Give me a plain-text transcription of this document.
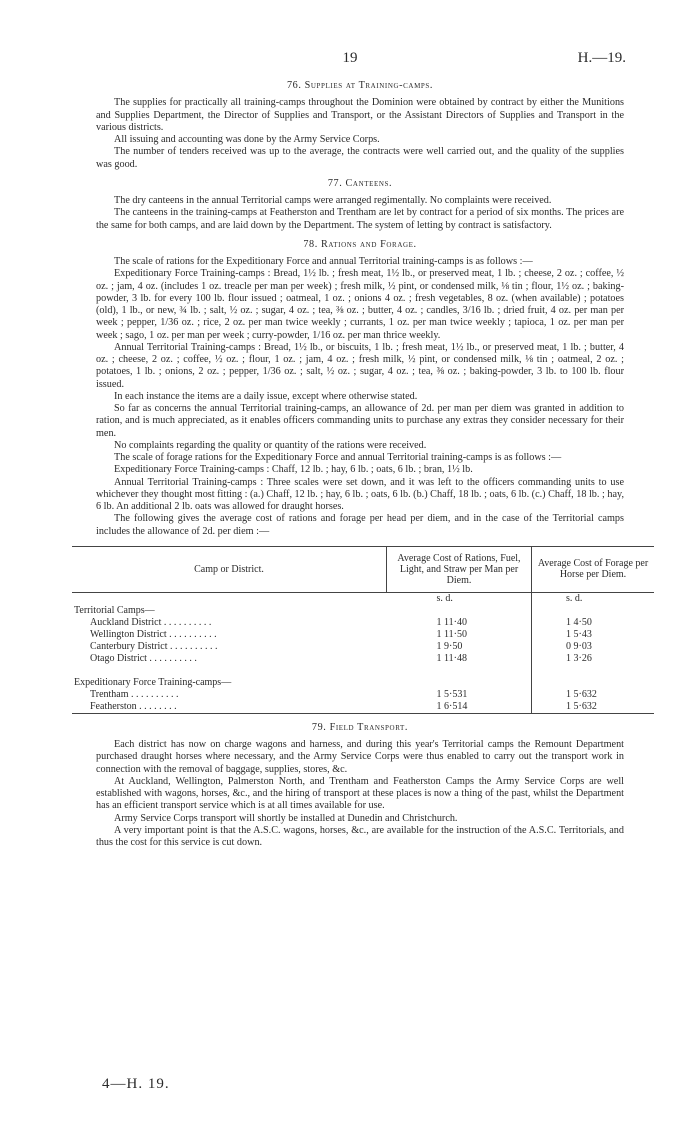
19	H.—19.
76. Supplies at Training-camps.

The supplies for practically all training-camps throughout the Dominion were obtained by contract by either the Munitions and Supplies Department, the Director of Supplies and Transport, or the Assistant Directors of Supplies and Transport in the various districts.

All issuing and accounting was done by the Army Service Corps.

The number of tenders received was up to the average, the contracts were well carried out, and the quality of the supplies was good.

77. Canteens.

The dry canteens in the annual Territorial camps were arranged regimentally. No complaints were received.

The canteens in the training-camps at Featherston and Trentham are let by contract for a period of six months. The prices are the same for both camps, and are laid down by the Department. The system of letting by contract is satisfactory.

78. Rations and Forage.

The scale of rations for the Expeditionary Force and annual Territorial training-camps is as follows :—

Expeditionary Force Training-camps : Bread, 1½ lb. ; fresh meat, 1½ lb., or preserved meat, 1 lb. ; cheese, 2 oz. ; coffee, ½ oz. ; jam, 4 oz. (includes 1 oz. treacle per man per week) ; fresh milk, ½ pint, or condensed milk, ⅛ tin ; flour, 1½ oz. ; baking-powder, 3 lb. for every 100 lb. flour issued ; oatmeal, 1 oz. ; onions 4 oz. ; fresh vegetables, 8 oz. (when available) ; potatoes (old), 1 lb., or new, ¾ lb. ; salt, ½ oz. ; sugar, 4 oz. ; tea, ⅜ oz. ; butter, 4 oz. ; candles, 3/16 lb. ; dried fruit, 4 oz. per man per week ; pepper, 1/36 oz. ; rice, 2 oz. per man twice weekly ; currants, 1 oz. per man twice weekly ; tapioca, 1 oz. per man per week ; sago, 1 oz. per man per week ; curry-powder, 1/16 oz. per man thrice weekly.

Annual Territorial Training-camps : Bread, 1½ lb., or biscuits, 1 lb. ; fresh meat, 1½ lb., or preserved meat, 1 lb. ; butter, 4 oz. ; cheese, 2 oz. ; coffee, ½ oz. ; flour, 1 oz. ; jam, 4 oz. ; fresh milk, ½ pint, or condensed milk, ⅛ tin ; oatmeal, 2 oz. ; potatoes, 1 lb. ; onions, 2 oz. ; pepper, 1/36 oz. ; salt, ½ oz. ; sugar, 4 oz. ; tea, ⅜ oz. ; baking-powder, 3 lb. to 100 lb. flour issued.

In each instance the items are a daily issue, except where otherwise stated.

So far as concerns the annual Territorial training-camps, an allowance of 2d. per man per diem was granted in addition to ration, and is much appreciated, as it enables officers commanding units to purchase any extras they consider necessary for their men.

No complaints regarding the quality or quantity of the rations were received.

The scale of forage rations for the Expeditionary Force and annual Territorial training-camps is as follows :—

Expeditionary Force Training-camps : Chaff, 12 lb. ; hay, 6 lb. ; oats, 6 lb. ; bran, 1½ lb.

Annual Territorial Training-camps : Three scales were set down, and it was left to the officers commanding units to use whichever they thought most fitting : (a.) Chaff, 12 lb. ; hay, 6 lb. ; oats, 6 lb. (b.) Chaff, 18 lb. ; oats, 6 lb. (c.) Chaff, 18 lb. ; hay, 6 lb. An additional 2 lb. oats was allowed for draught horses.

The following gives the average cost of rations and forage per head per diem, and in the case of the Territorial camps includes the allowance of 2d. per diem :—

Camp or District.	Average Cost of Rations, Fuel, Light, and Straw per Man per Diem.	Average Cost of Forage per Horse per Diem.
	s. d.	s. d.
Territorial Camps—		
Auckland District . . . . . . . . . .	1 11·40	1 4·50
Wellington District . . . . . . . . . .	1 11·50	1 5·43
Canterbury District . . . . . . . . . .	1 9·50	0 9·03
Otago District . . . . . . . . . .	1 11·48	1 3·26

Expeditionary Force Training-camps—		
Trentham . . . . . . . . . .	1 5·531	1 5·632
Featherston . . . . . . . .	1 6·514	1 5·632
79. Field Transport.

Each district has now on charge wagons and harness, and during this year's Territorial camps the Remount Department purchased draught horses where necessary, and the Army Service Corps were thus enabled to carry out the transport work in connection with the removal of baggage, supplies, stores, &c.

At Auckland, Wellington, Palmerston North, and Trentham and Featherston Camps the Army Service Corps are well established with wagons, horses, &c., and the hiring of transport at these places is now a thing of the past, whilst the Department has an efficient transport service which is at all times available for use.

Army Service Corps transport will shortly be installed at Dunedin and Christchurch.

A very important point is that the A.S.C. wagons, horses, &c., are available for the instruction of the A.S.C. Territorials, and thus the cost for this service is cut down.

4—H. 19.
